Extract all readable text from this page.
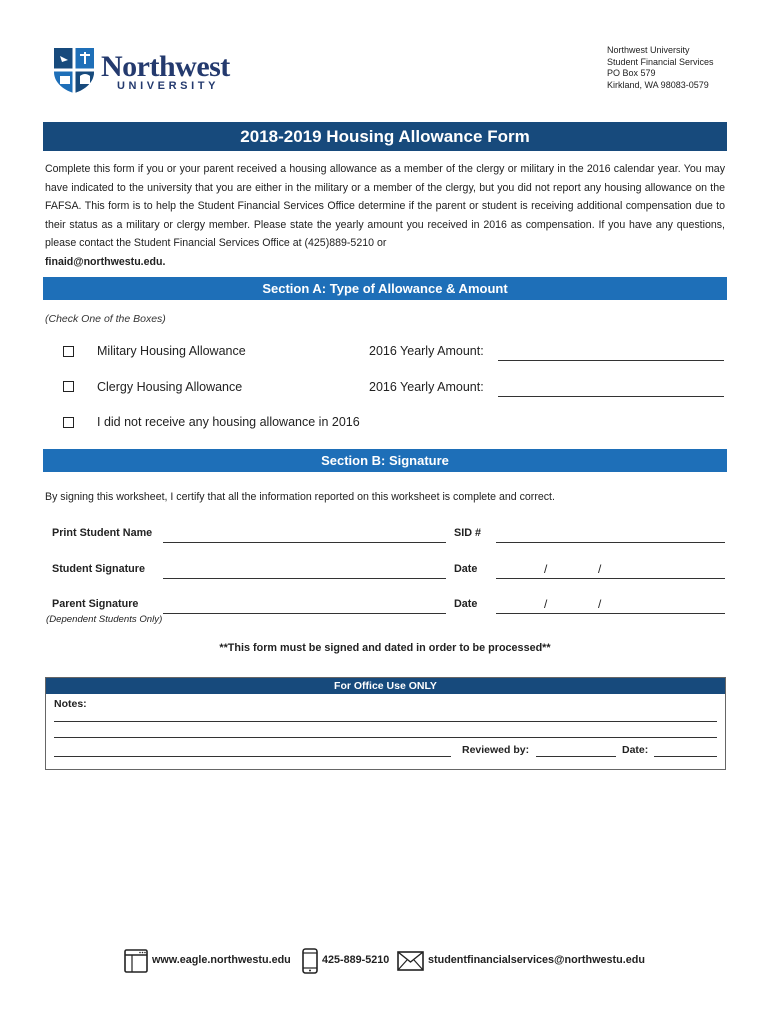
Northwest
UNIVERSITY
Northwest University
Student Financial Services
PO Box 579
Kirkland, WA 98083-0579
2018-2019 Housing Allowance Form
Complete this form if you or your parent received a housing allowance as a member of the clergy or military in the 2016 calendar year. You may have indicated to the university that you are either in the military or a member of the clergy, but you did not report any housing allowance on the FAFSA. This form is to help the Student Financial Services Office determine if the parent or student is receiving additional compensation due to their status as a military or clergy member. Please state the yearly amount you received in 2016 as compensation. If you have any questions, please contact the Student Financial Services Office at (425)889-5210 or
finaid@northwestu.edu.
Section A: Type of Allowance & Amount
(Check One of the Boxes)
Military Housing Allowance	2016 Yearly Amount:
Clergy Housing Allowance	2016 Yearly Amount:
I did not receive any housing allowance in 2016
Section B: Signature
By signing this worksheet, I certify that all the information reported on this worksheet is complete and correct.
Print Student Name	SID #
Student Signature	Date	/	/
Parent Signature	Date	/	/
(Dependent Students Only)
**This form must be signed and dated in order to be processed**
For Office Use ONLY
Notes:
Reviewed by:	Date:
www.eagle.northwestu.edu	425-889-5210	studentfinancialservices@northwestu.edu
